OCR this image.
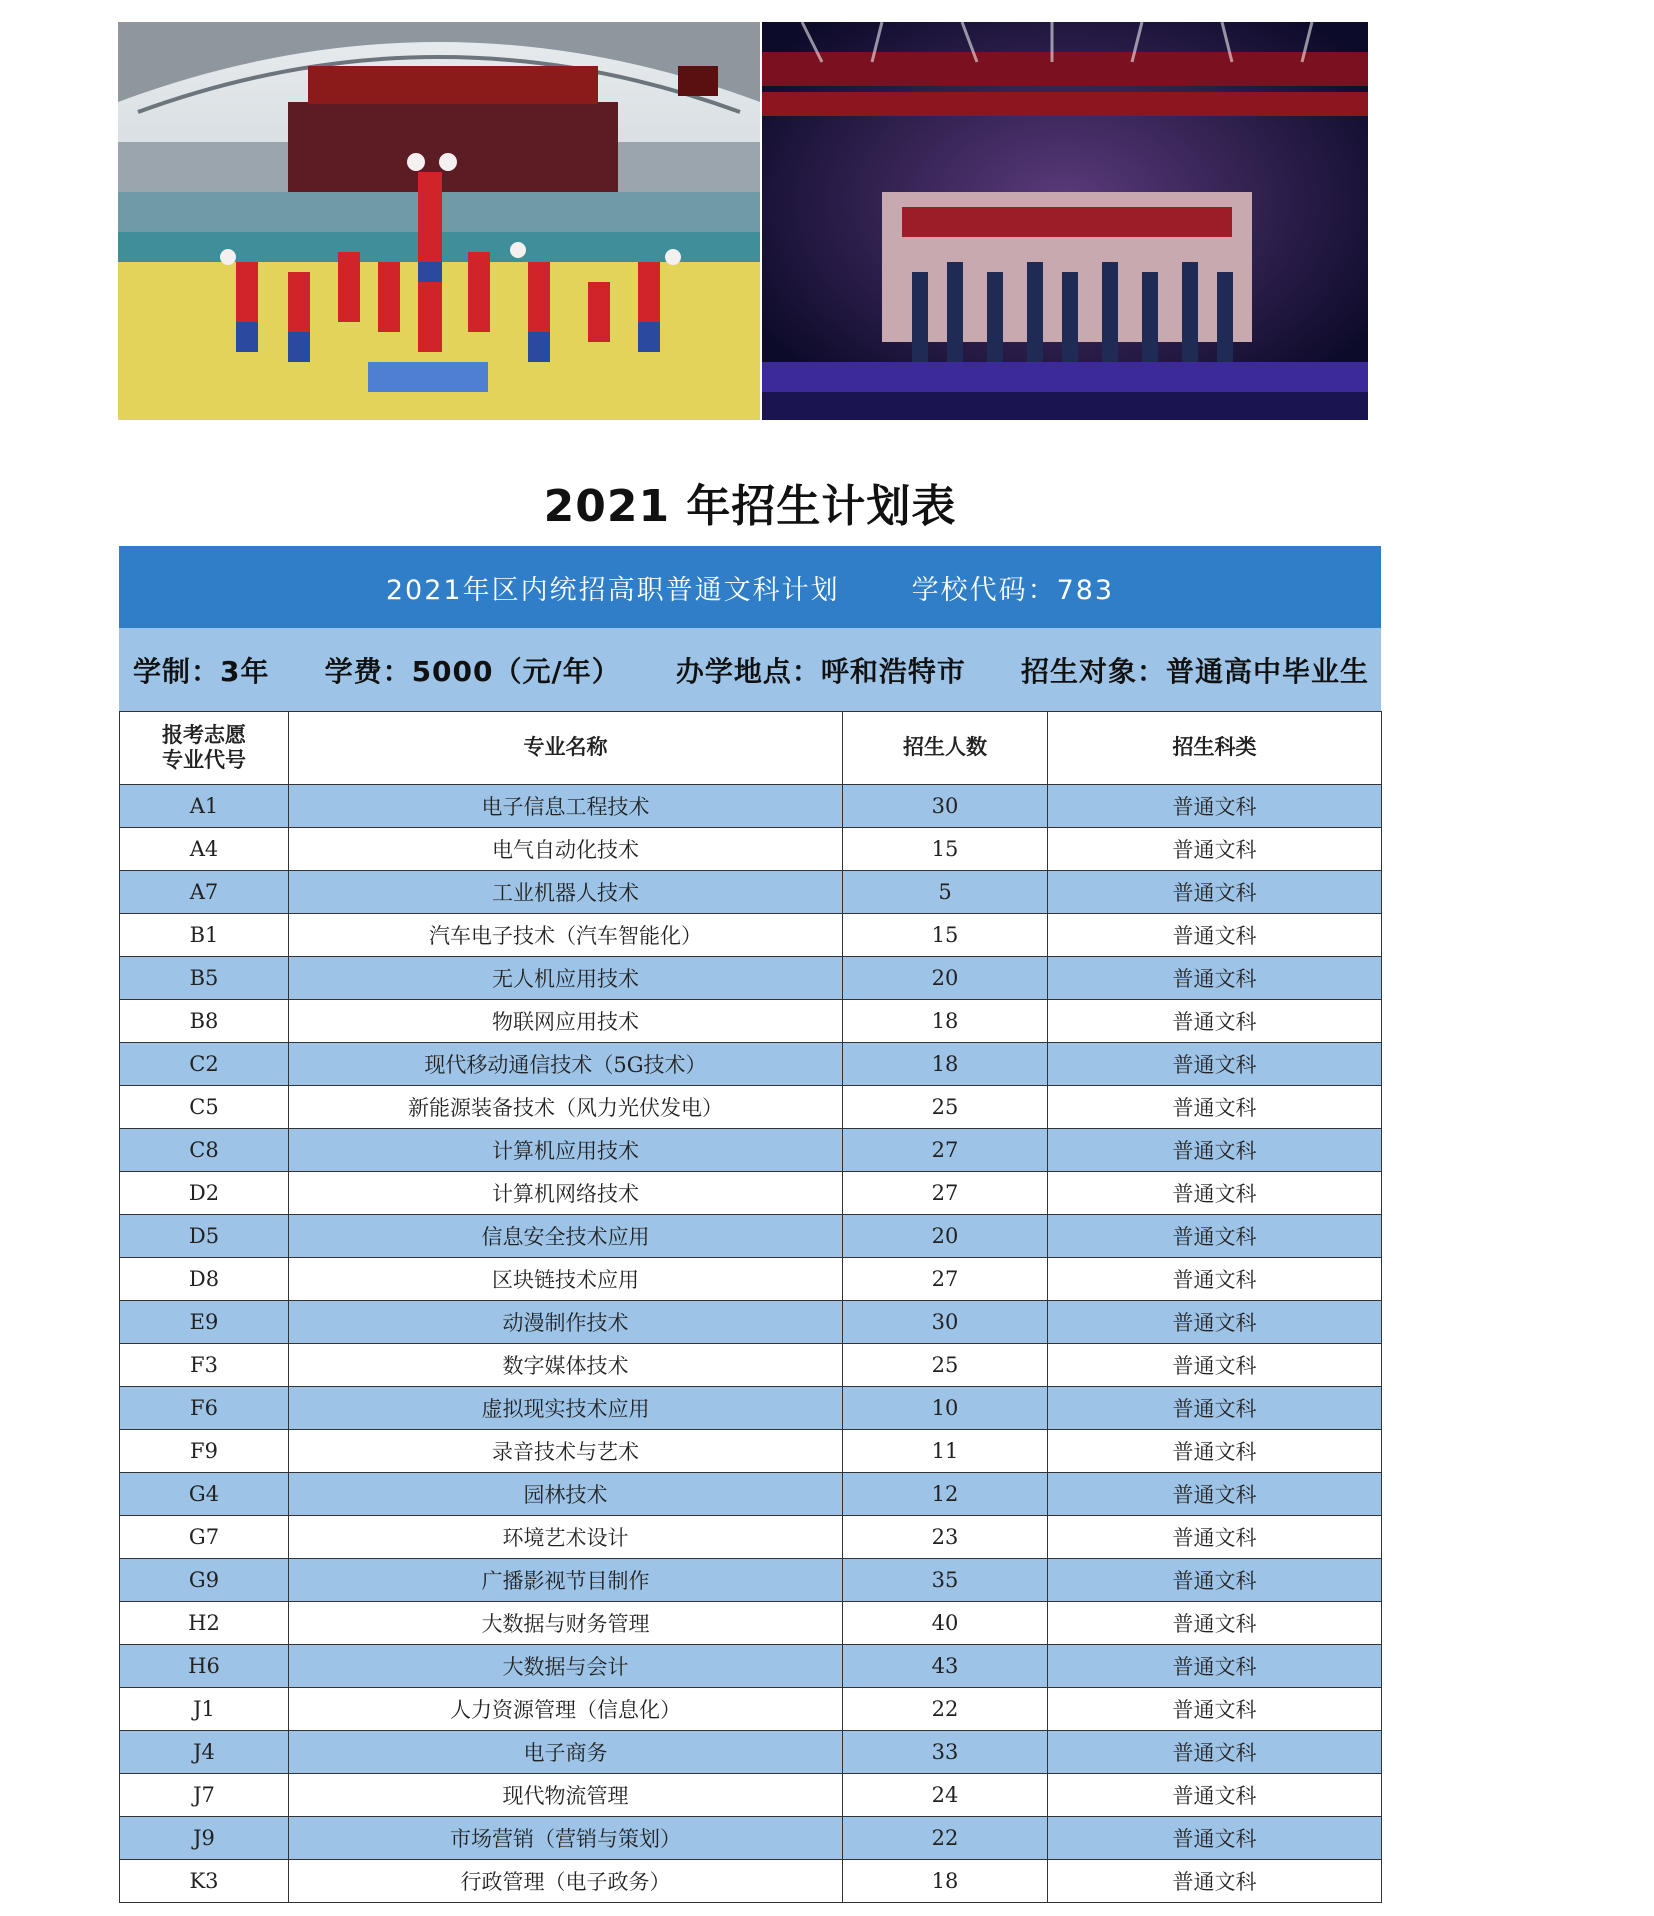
2021 年招生计划表
2021年区内统招高职普通文科计划	学校代码：783
学制：3年 学费：5000（元/年） 办学地点：呼和浩特市 招生对象：普通高中毕业生
报考志愿
专业代号	专业名称	招生人数	招生科类
A1	电子信息工程技术	30	普通文科
A4	电气自动化技术	15	普通文科
A7	工业机器人技术	5	普通文科
B1	汽车电子技术（汽车智能化）	15	普通文科
B5	无人机应用技术	20	普通文科
B8	物联网应用技术	18	普通文科
C2	现代移动通信技术（5G技术）	18	普通文科
C5	新能源装备技术（风力光伏发电）	25	普通文科
C8	计算机应用技术	27	普通文科
D2	计算机网络技术	27	普通文科
D5	信息安全技术应用	20	普通文科
D8	区块链技术应用	27	普通文科
E9	动漫制作技术	30	普通文科
F3	数字媒体技术	25	普通文科
F6	虚拟现实技术应用	10	普通文科
F9	录音技术与艺术	11	普通文科
G4	园林技术	12	普通文科
G7	环境艺术设计	23	普通文科
G9	广播影视节目制作	35	普通文科
H2	大数据与财务管理	40	普通文科
H6	大数据与会计	43	普通文科
J1	人力资源管理（信息化）	22	普通文科
J4	电子商务	33	普通文科
J7	现代物流管理	24	普通文科
J9	市场营销（营销与策划）	22	普通文科
K3	行政管理（电子政务）	18	普通文科
